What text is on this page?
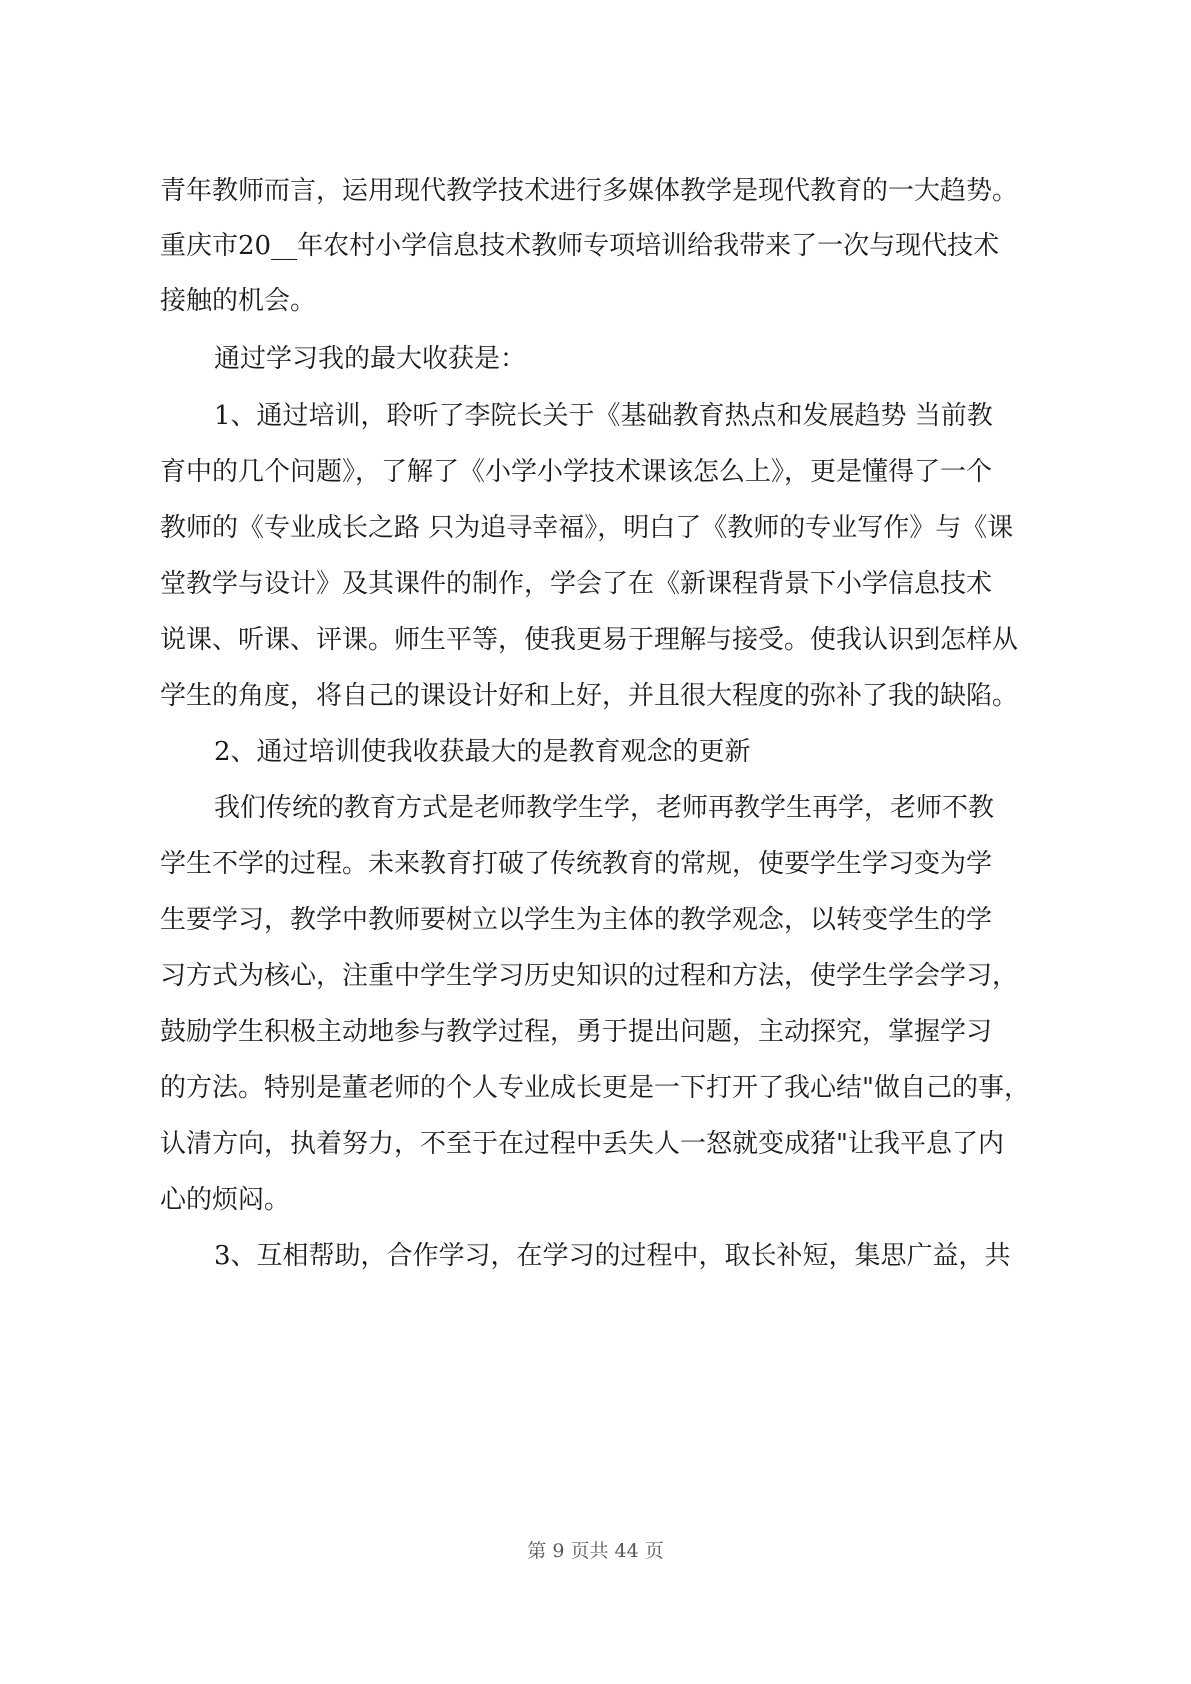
青年教师而言，运用现代教学技术进行多媒体教学是现代教育的一大趋势。
重庆市20__年农村小学信息技术教师专项培训给我带来了一次与现代技术
接触的机会。
通过学习我的最大收获是：
1、通过培训，聆听了李院长关于《基础教育热点和发展趋势 当前教
育中的几个问题》，了解了《小学小学技术课该怎么上》，更是懂得了一个
教师的《专业成长之路 只为追寻幸福》，明白了《教师的专业写作》与《课
堂教学与设计》及其课件的制作，学会了在《新课程背景下小学信息技术
说课、听课、评课。师生平等，使我更易于理解与接受。使我认识到怎样从
学生的角度，将自己的课设计好和上好，并且很大程度的弥补了我的缺陷。
2、通过培训使我收获最大的是教育观念的更新
我们传统的教育方式是老师教学生学，老师再教学生再学，老师不教
学生不学的过程。未来教育打破了传统教育的常规，使要学生学习变为学
生要学习，教学中教师要树立以学生为主体的教学观念，以转变学生的学
习方式为核心，注重中学生学习历史知识的过程和方法，使学生学会学习，
鼓励学生积极主动地参与教学过程，勇于提出问题，主动探究，掌握学习
的方法。特别是董老师的个人专业成长更是一下打开了我心结"做自己的事，
认清方向，执着努力，不至于在过程中丢失人一怒就变成猪"让我平息了内
心的烦闷。
3、互相帮助，合作学习，在学习的过程中，取长补短，集思广益，共
第 9 页共 44 页
